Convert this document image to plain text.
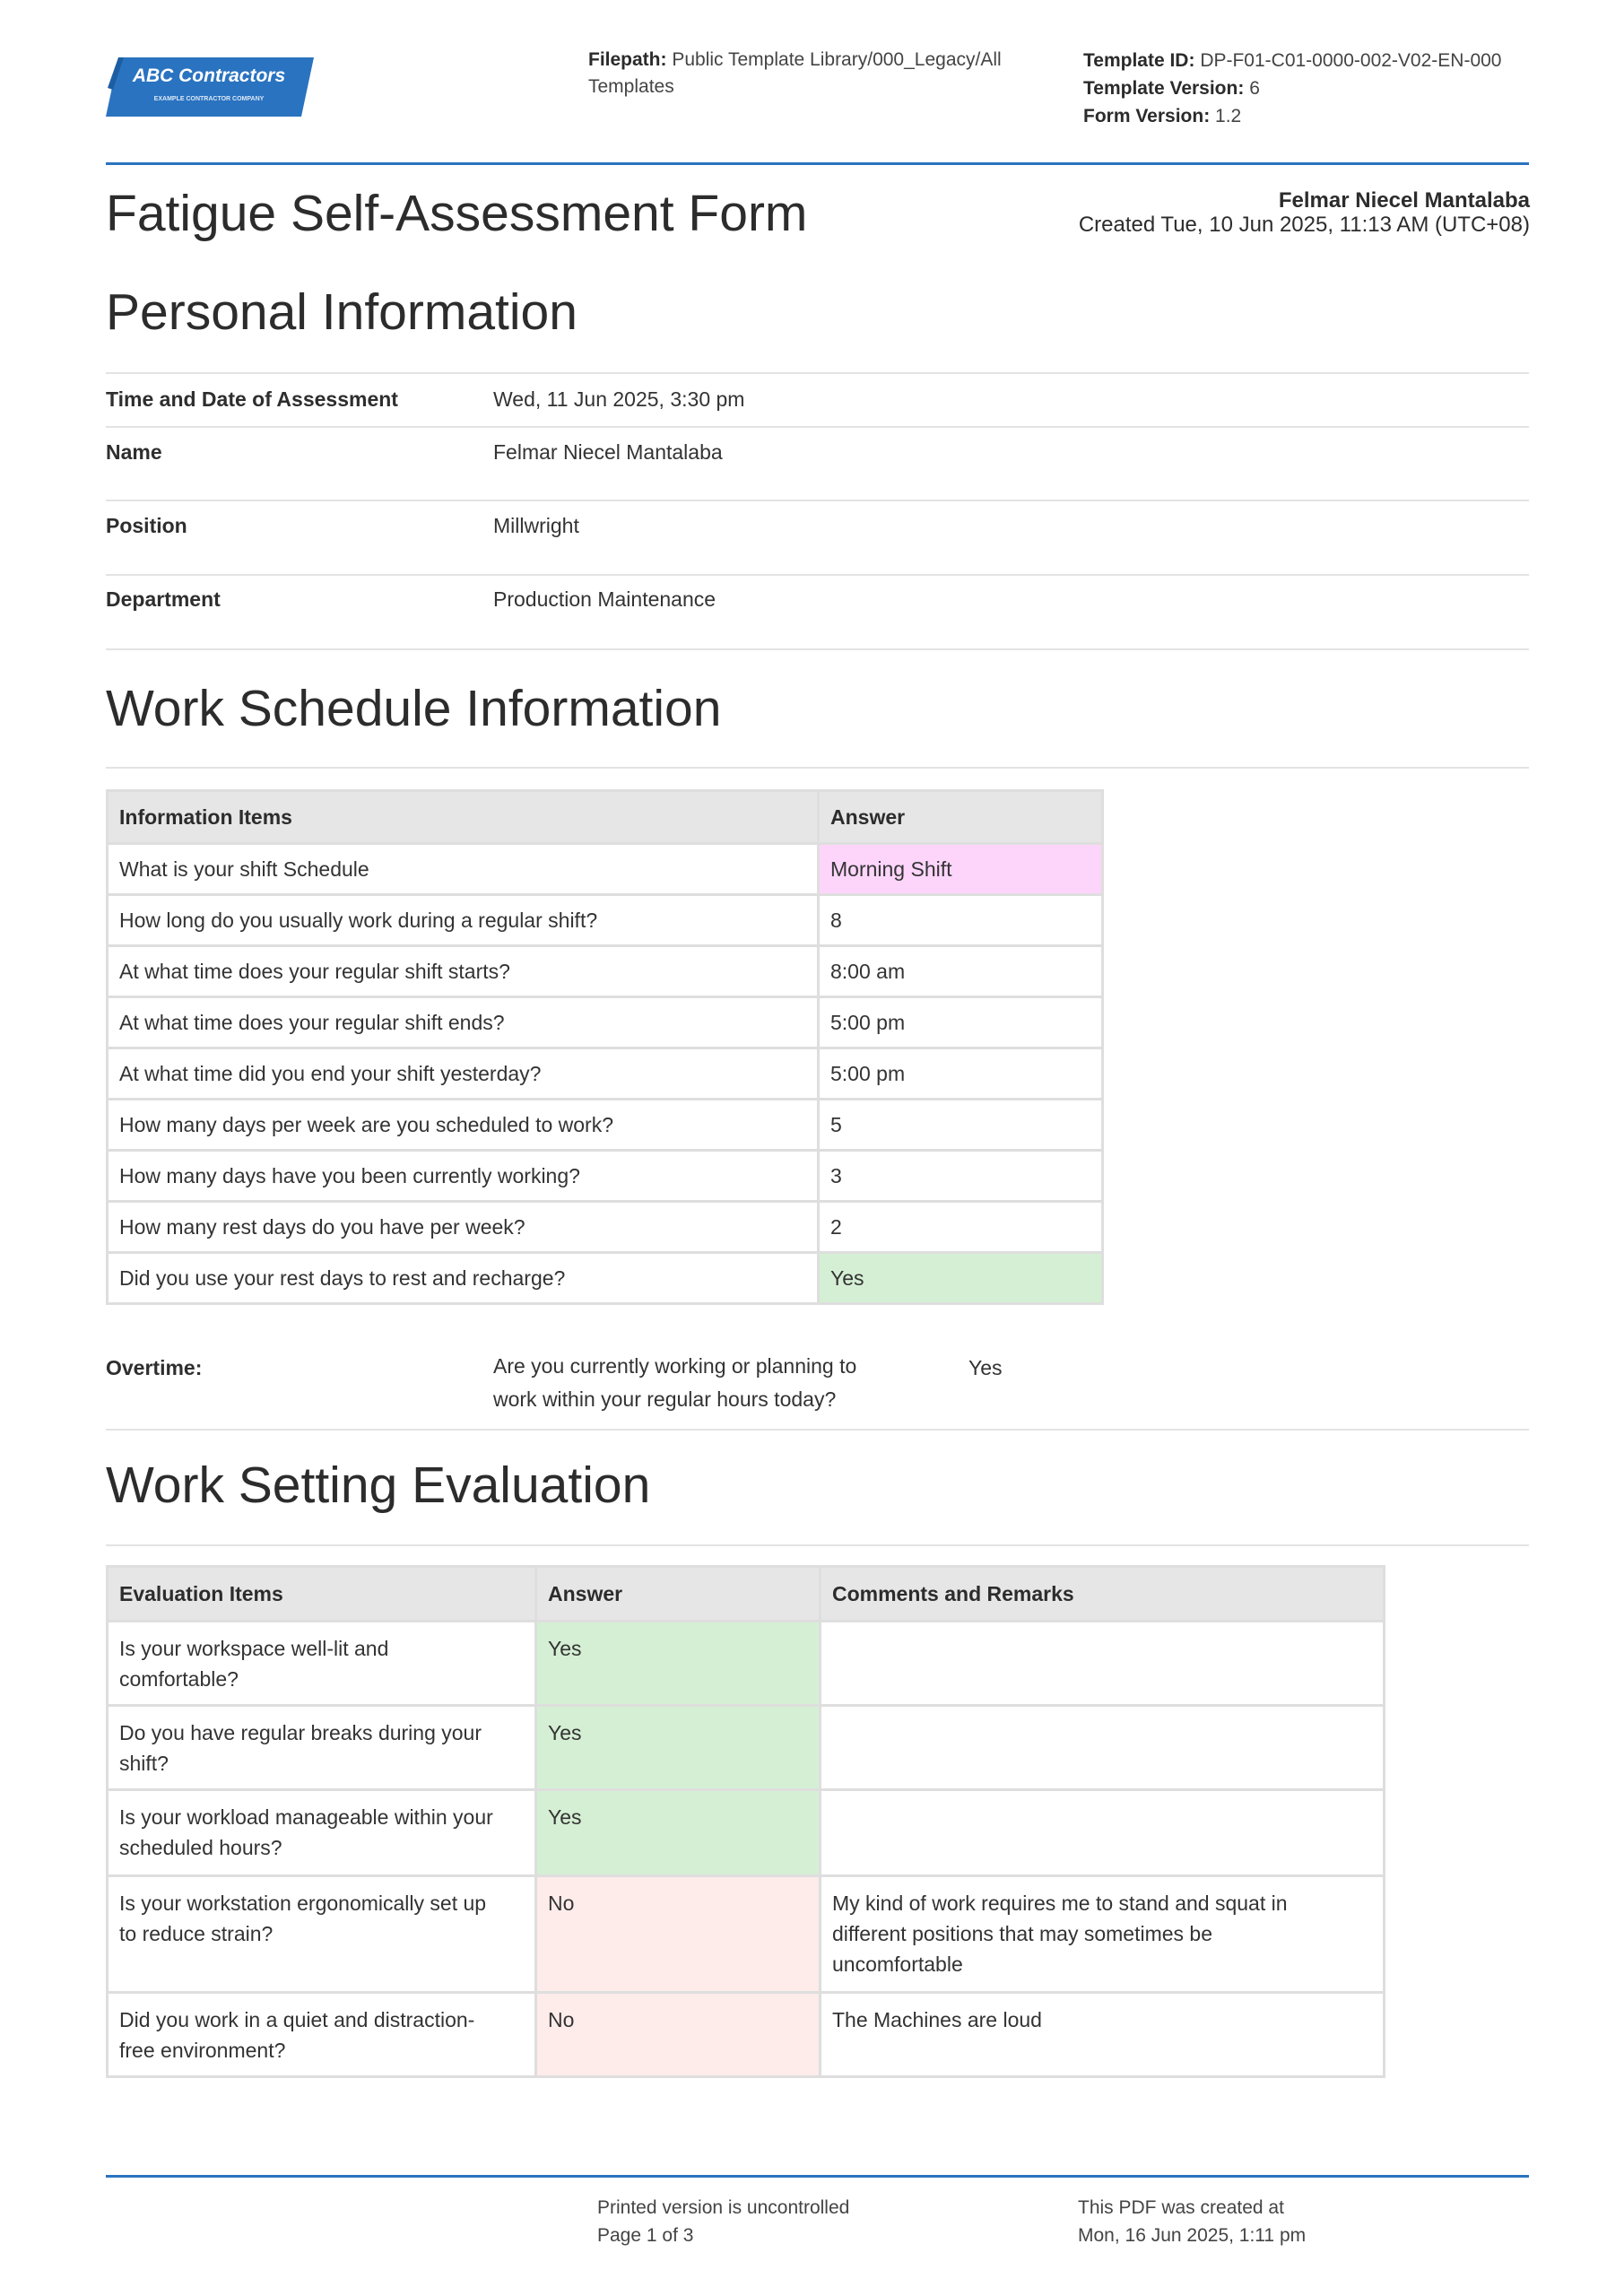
ABC Contractors
EXAMPLE CONTRACTOR COMPANY
Filepath: Public Template Library/000_Legacy/All
Templates
Template ID: DP-F01-C01-0000-002-V02-EN-000
Template Version: 6
Form Version: 1.2
Fatigue Self-Assessment Form	Felmar Niecel Mantalaba
Created Tue, 10 Jun 2025, 11:13 AM (UTC+08)
Personal Information
Time and Date of Assessment	Wed, 11 Jun 2025, 3:30 pm
Name	Felmar Niecel Mantalaba
Position	Millwright
Department	Production Maintenance
Work Schedule Information
Information Items	Answer
What is your shift Schedule	Morning Shift
How long do you usually work during a regular shift?	8
At what time does your regular shift starts?	8:00 am
At what time does your regular shift ends?	5:00 pm
At what time did you end your shift yesterday?	5:00 pm
How many days per week are you scheduled to work?	5
How many days have you been currently working?	3
How many rest days do you have per week?	2
Did you use your rest days to rest and recharge?	Yes
Overtime:	Are you currently working or planning to
work within your regular hours today?
Yes
Work Setting Evaluation
Evaluation Items	Answer	Comments and Remarks
Is your workspace well-lit and
comfortable?	Yes	
Do you have regular breaks during your
shift?	Yes	
Is your workload manageable within your
scheduled hours?	Yes	
Is your workstation ergonomically set up
to reduce strain?	No	My kind of work requires me to stand and squat in
different positions that may sometimes be
uncomfortable
Did you work in a quiet and distraction-
free environment?	No	The Machines are loud
Printed version is uncontrolled
Page 1 of 3
This PDF was created at
Mon, 16 Jun 2025, 1:11 pm
